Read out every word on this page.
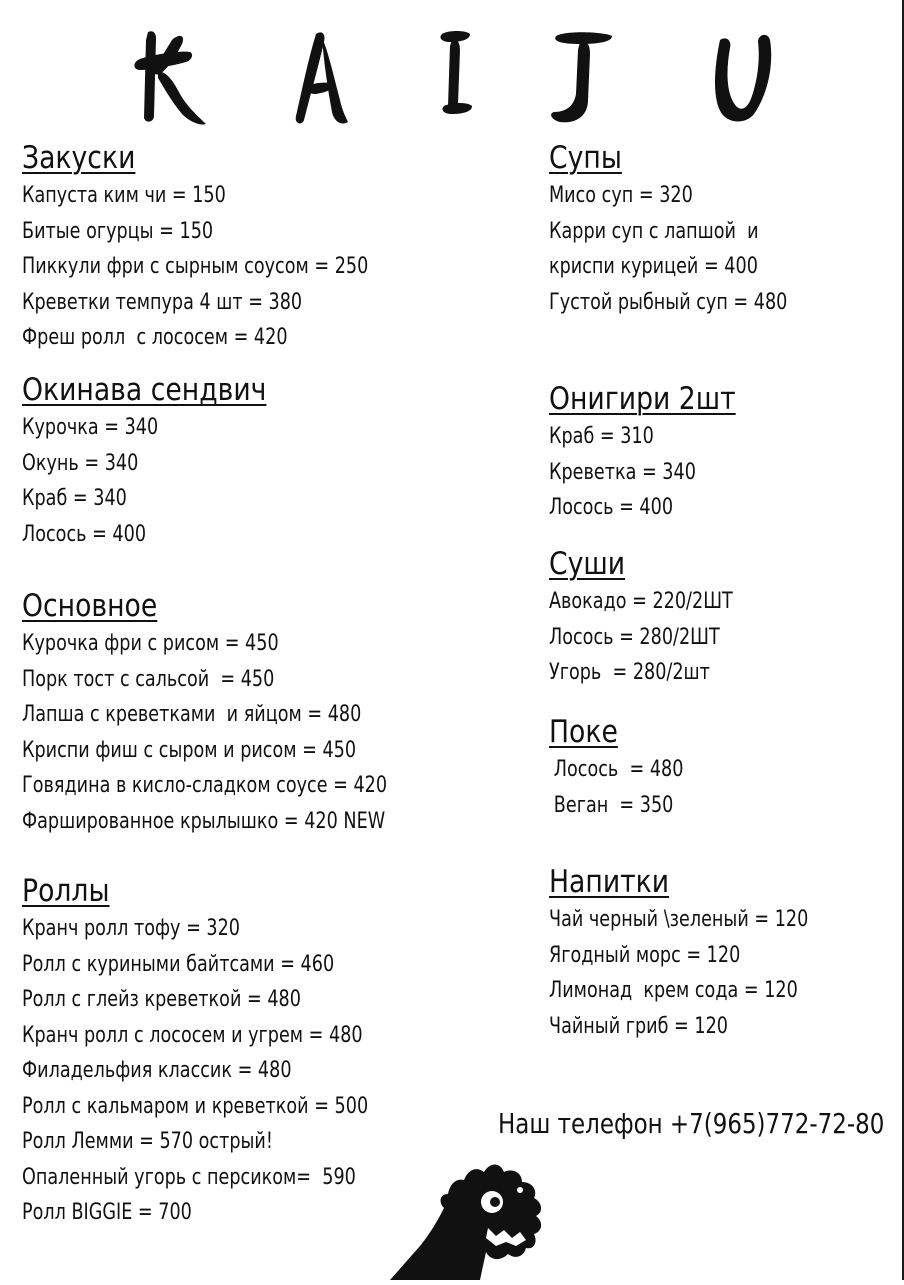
Закуски
Капуста ким чи = 150
Битые огурцы = 150
Пиккули фри с сырным соусом = 250
Креветки темпура 4 шт = 380
Фреш ролл  с лососем = 420
Окинава сендвич
Курочка = 340
Окунь = 340
Краб = 340
Лосось = 400
Основное
Курочка фри с рисом = 450
Порк тост с сальсой  = 450
Лапша с креветками  и яйцом = 480
Криспи фиш с сыром и рисом = 450
Говядина в кисло-сладком соусе = 420
Фаршированное крылышко = 420 NEW
Роллы
Кранч ролл тофу = 320
Ролл с куриными байтсами = 460
Ролл с глейз креветкой = 480
Кранч ролл с лососем и угрем = 480
Филадельфия классик = 480
Ролл с кальмаром и креветкой = 500
Ролл Лемми = 570 острый!
Опаленный угорь с персиком=  590
Ролл BIGGIE = 700
Супы
Мисо суп = 320
Карри суп с лапшой  и
криспи курицей = 400
Густой рыбный суп = 480
Онигири 2шт
Краб = 310
Креветка = 340
Лосось = 400
Суши
Авокадо = 220/2ШТ
Лосось = 280/2ШТ
Угорь  = 280/2шт
Поке
Лосось  = 480
Веган  = 350
Напитки
Чай черный \зеленый = 120
Ягодный морс = 120
Лимонад  крем сода = 120
Чайный гриб = 120
Наш телефон +7(965)772-72-80
